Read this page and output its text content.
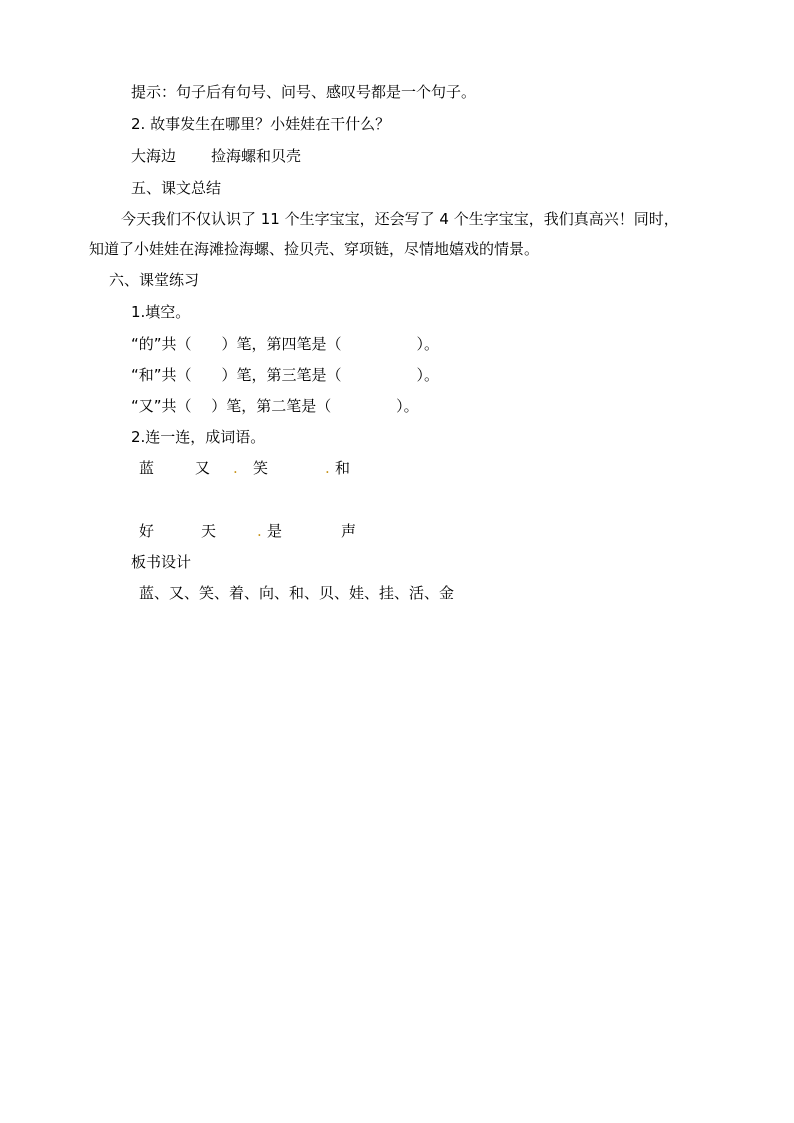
提示：句子后有句号、问号、感叹号都是一个句子。
2. 故事发生在哪里？小娃娃在干什么？
大海边 捡海螺和贝壳
五、课文总结
今天我们不仅认识了 11 个生字宝宝，还会写了 4 个生字宝宝，我们真高兴！同时，
知道了小娃娃在海滩捡海螺、捡贝壳、穿项链，尽情地嬉戏的情景。
六、课堂练习
1.填空。
“的”共（　　）笔，第四笔是（　　　　　）。
“和”共（　　）笔，第三笔是（　　　　　）。
“又”共（　 ）笔，第二笔是（　　　　 ）。
2.连一连，成词语。
蓝	又 . 笑	. 和
好	天	. 是	声
板书设计
蓝、又、笑、着、向、和、贝、娃、挂、活、金
